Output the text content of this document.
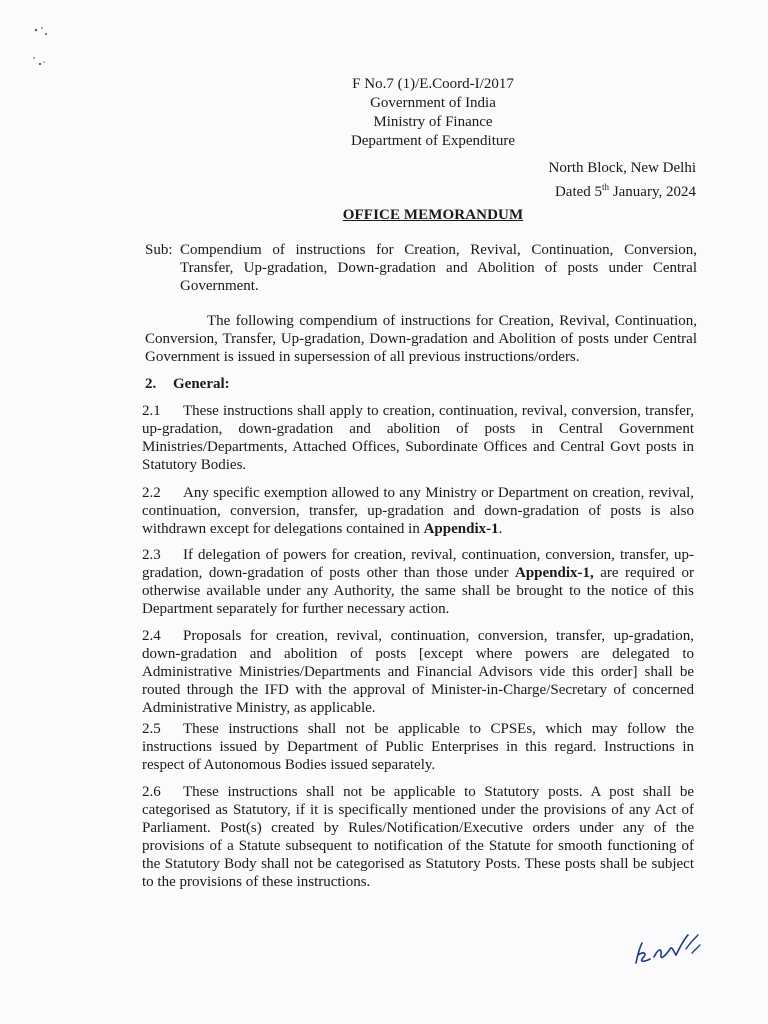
F No.7 (1)/E.Coord-I/2017
Government of India
Ministry of Finance
Department of Expenditure
North Block, New Delhi
Dated 5th January, 2024
OFFICE MEMORANDUM
Sub: Compendium of instructions for Creation, Revival, Continuation, Conversion, Transfer, Up-gradation, Down-gradation and Abolition of posts under Central Government.
The following compendium of instructions for Creation, Revival, Continuation, Conversion, Transfer, Up-gradation, Down-gradation and Abolition of posts under Central Government is issued in supersession of all previous instructions/orders.
2. General:
2.1 These instructions shall apply to creation, continuation, revival, conversion, transfer, up-gradation, down-gradation and abolition of posts in Central Government Ministries/Departments, Attached Offices, Subordinate Offices and Central Govt posts in Statutory Bodies.
2.2 Any specific exemption allowed to any Ministry or Department on creation, revival, continuation, conversion, transfer, up-gradation and down-gradation of posts is also withdrawn except for delegations contained in Appendix-1.
2.3 If delegation of powers for creation, revival, continuation, conversion, transfer, up-gradation, down-gradation of posts other than those under Appendix-1, are required or otherwise available under any Authority, the same shall be brought to the notice of this Department separately for further necessary action.
2.4 Proposals for creation, revival, continuation, conversion, transfer, up-gradation, down-gradation and abolition of posts [except where powers are delegated to Administrative Ministries/Departments and Financial Advisors vide this order] shall be routed through the IFD with the approval of Minister-in-Charge/Secretary of concerned Administrative Ministry, as applicable.
2.5 These instructions shall not be applicable to CPSEs, which may follow the instructions issued by Department of Public Enterprises in this regard. Instructions in respect of Autonomous Bodies issued separately.
2.6 These instructions shall not be applicable to Statutory posts. A post shall be categorised as Statutory, if it is specifically mentioned under the provisions of any Act of Parliament. Post(s) created by Rules/Notification/Executive orders under any of the provisions of a Statute subsequent to notification of the Statute for smooth functioning of the Statutory Body shall not be categorised as Statutory Posts. These posts shall be subject to the provisions of these instructions.
